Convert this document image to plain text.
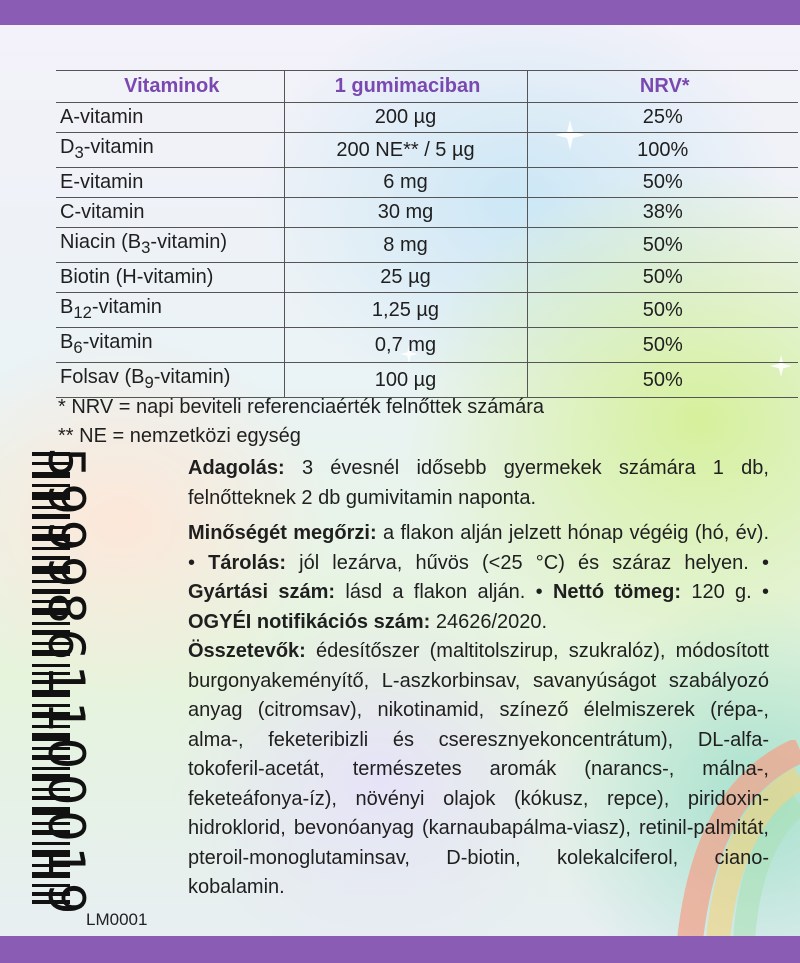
Vitaminok	1 gumimaciban	NRV*
A-vitamin	200 µg	25%
$D_3$-vitamin	200 NE** / 5 µg	100%
E-vitamin	6 mg	50%
C-vitamin	30 mg	38%
Niacin $(B_3-vitamin)$	8 mg	50%
Biotin (H-vitamin)	25 µg	50%
$B_{12}$-vitamin	1,25 µg	50%
$B_6$-vitamin	0,7 mg	50%
Folsav $(B_9-vitamin)$	100 µg	50%
* NRV = napi beviteli referenciaérték felnőttek számára
** NE = nemzetközi egység
5999861100019
LM0001

Adagolás: 3 évesnél idősebb gyermekek számára 1 db, felnőtteknek 2 db gumivitamin naponta.

Minőségét megőrzi: a flakon alján jelzett hónap végéig (hó, év). • Tárolás: jól lezárva, hűvös (<25 °C) és száraz helyen. • Gyártási szám: lásd a flakon alján. • Nettó tömeg: 120 g. • OGYÉI notifikációs szám: 24626/2020.

Összetevők: édesítőszer (maltitolszirup, szukralóz), módosított burgonyakeményítő, L-aszkorbinsav, savanyúságot szabályozó anyag (citromsav), nikotinamid, színező élelmiszerek (répa-, alma-, feketeribizli és cseresznyekoncentrátum), DL-alfa-tokoferil-acetát, természetes aromák (narancs-, málna-, feketeáfonya-íz), növényi olajok (kókusz, repce), piridoxin-hidroklorid, bevonóanyag (karnaubapálma-viasz), retinil-palmitát, pteroil-monoglutaminsav, D-biotin, kolekalciferol, ciano-kobalamin.
